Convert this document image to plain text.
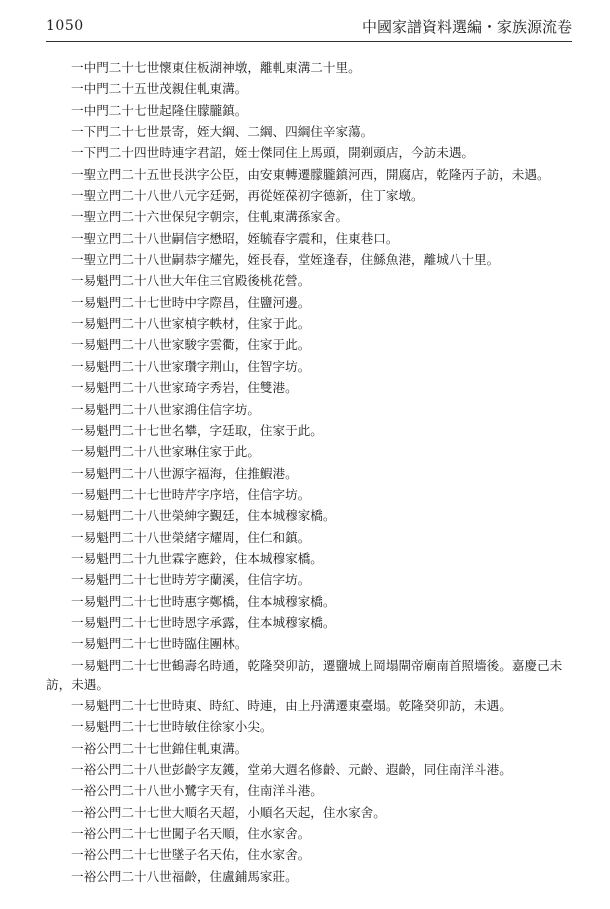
1050	中國家譜資料選編・家族源流卷
一中門二十七世懷東住板湖神墩，離軋東溝二十里。
一中門二十五世茂親住軋東溝。
一中門二十七世起隆住朦朧鎮。
一下門二十七世景寄，姪大綱、二綱、四綱住辛家蕩。
一下門二十四世時連字君詔，姪士傑同住上馬頭，開剃頭店，今訪未遇。
一聖立門二十五世長洪字公臣，由安東轉遷朦朧鎮河西，開腐店，乾隆丙子訪，未遇。
一聖立門二十八世八元字廷弼，再從姪葆初字德新，住丁家墩。
一聖立門二十六世保兒字朝宗，住軋東溝孫家舍。
一聖立門二十八世嗣信字懋昭，姪毓春字震和，住東巷口。
一聖立門二十八世嗣恭字耀先，姪長春，堂姪逢春，住鯀魚港，離城八十里。
一易魁門二十八世大年住三官殿後桃花營。
一易魁門二十七世時中字際昌，住鹽河邊。
一易魁門二十八世家楨字軼材，住家于此。
一易魁門二十八世家駿字雲衢，住家于此。
一易魁門二十八世家瓚字荆山，住智字坊。
一易魁門二十八世家琦字秀岩，住雙港。
一易魁門二十八世家鴻住信字坊。
一易魁門二十七世名攀，字廷取，住家于此。
一易魁門二十八世家琳住家于此。
一易魁門二十八世源字福海，住推鰕港。
一易魁門二十七世時芹字序培，住信字坊。
一易魁門二十八世榮紳字覲廷，住本城穆家橋。
一易魁門二十八世榮緒字耀周，住仁和鎮。
一易魁門二十九世霖字應鈴，住本城穆家橋。
一易魁門二十七世時芳字蘭溪，住信字坊。
一易魁門二十七世時惠字鄭橋，住本城穆家橋。
一易魁門二十七世時恩字承露，住本城穆家橋。
一易魁門二十七世時臨住團林。
一易魁門二十七世鶴壽名時通，乾隆癸卯訪，遷鹽城上岡塌閘帝廟南首照墻後。嘉慶己未訪，未遇。
一易魁門二十七世時東、時紅、時連，由上丹溝遷東臺塌。乾隆癸卯訪，未遇。
一易魁門二十七世時敏住徐家小尖。
一裕公門二十七世錦住軋東溝。
一裕公門二十八世彭齡字友鑊，堂弟大週名修齡、元齡、遐齡，同住南洋斗港。
一裕公門二十八世小鷺字天有，住南洋斗港。
一裕公門二十七世大順名天超，小順名天起，住水家舍。
一裕公門二十七世闖子名天順，住水家舍。
一裕公門二十七世墜子名天佑，住水家舍。
一裕公門二十八世福齡，住盧鋪馬家莊。
